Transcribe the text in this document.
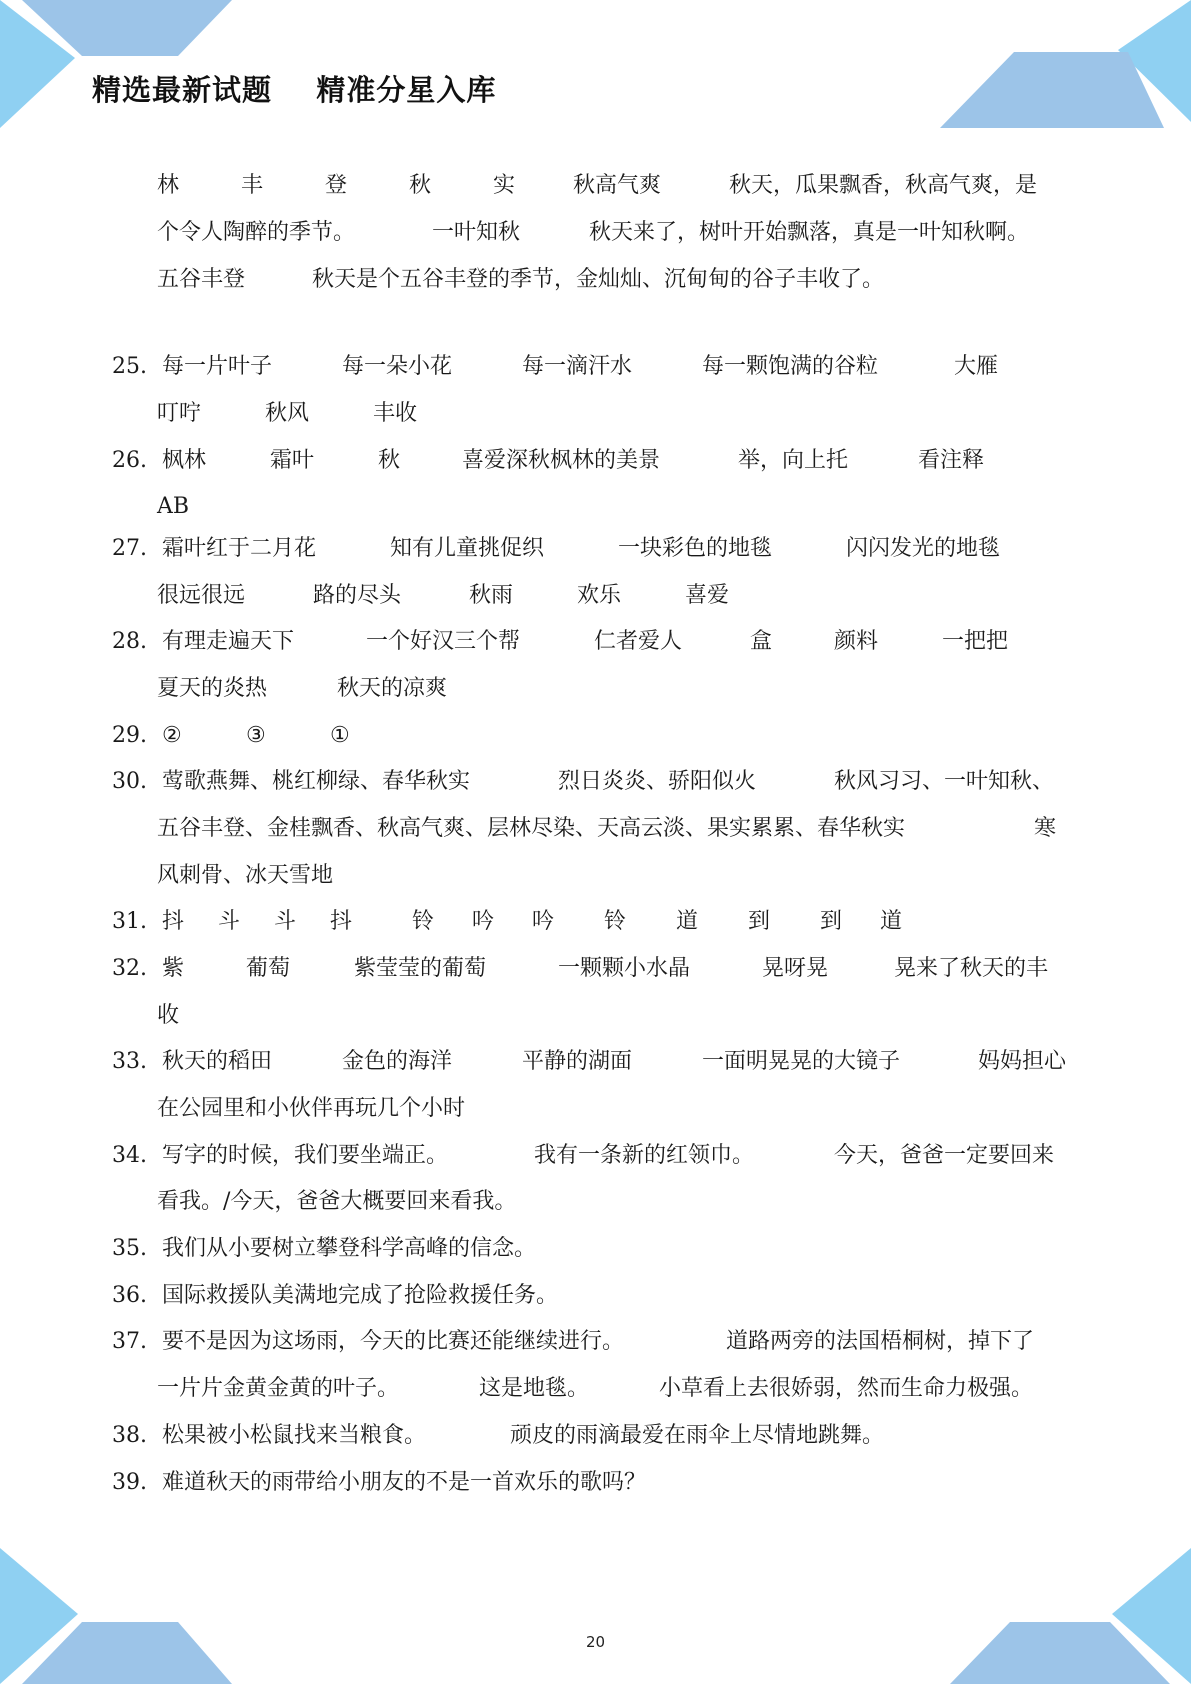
精选最新试题    精准分星入库
林	丰	登	秋	实	秋高气爽	秋天，瓜果飘香，秋高气爽，是
个令人陶醉的季节。	一叶知秋	秋天来了，树叶开始飘落，真是一叶知秋啊。
五谷丰登	秋天是个五谷丰登的季节，金灿灿、沉甸甸的谷子丰收了。
25. 每一片叶子	每一朵小花	每一滴汗水	每一颗饱满的谷粒	大雁
叮咛	秋风	丰收
26. 枫林	霜叶	秋	喜爱深秋枫林的美景	举，向上托	看注释
AB
27. 霜叶红于二月花	知有儿童挑促织	一块彩色的地毯	闪闪发光的地毯
很远很远	路的尽头	秋雨	欢乐	喜爱
28. 有理走遍天下	一个好汉三个帮	仁者爱人	盒	颜料	一把把
夏天的炎热	秋天的凉爽
29. ②	③	①
30. 莺歌燕舞、桃红柳绿、春华秋实	烈日炎炎、骄阳似火	秋风习习、一叶知秋、
五谷丰登、金桂飘香、秋高气爽、层林尽染、天高云淡、果实累累、春华秋实	寒
风刺骨、冰天雪地
31. 抖 斗 斗 抖	铃 吟 吟 铃 道 到 到 道
32. 紫	葡萄	紫莹莹的葡萄	一颗颗小水晶	晃呀晃	晃来了秋天的丰
收
33. 秋天的稻田	金色的海洋	平静的湖面	一面明晃晃的大镜子	妈妈担心
在公园里和小伙伴再玩几个小时
34. 写字的时候，我们要坐端正。	我有一条新的红领巾。	今天，爸爸一定要回来
看我。/今天，爸爸大概要回来看我。
35. 我们从小要树立攀登科学高峰的信念。
36. 国际救援队美满地完成了抢险救援任务。
37. 要不是因为这场雨，今天的比赛还能继续进行。	道路两旁的法国梧桐树，掉下了
一片片金黄金黄的叶子。	这是地毯。	小草看上去很娇弱，然而生命力极强。
38. 松果被小松鼠找来当粮食。	顽皮的雨滴最爱在雨伞上尽情地跳舞。
39. 难道秋天的雨带给小朋友的不是一首欢乐的歌吗？
20
